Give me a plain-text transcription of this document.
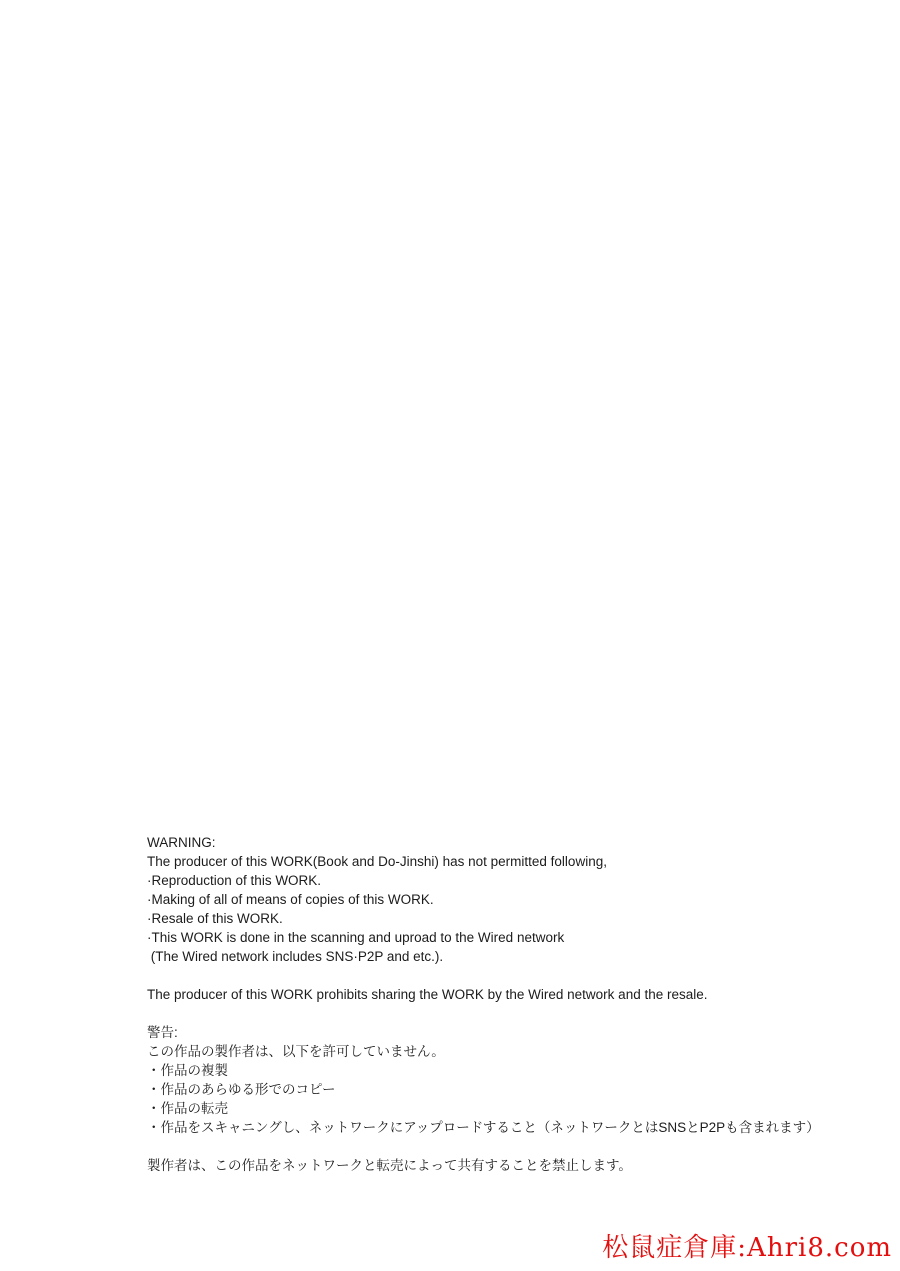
WARNING:
The producer of this WORK(Book and Do-Jinshi) has not permitted following,
·Reproduction of this WORK.
·Making of all of means of copies of this WORK.
·Resale of this WORK.
·This WORK is done in the scanning and uproad to the Wired network
(The Wired network includes SNS·P2P and etc.).
The producer of this WORK prohibits sharing the WORK by the Wired network and the resale.
警告:
この作品の製作者は、以下を許可していません。
・作品の複製
・作品のあらゆる形でのコピー
・作品の転売
・作品をスキャニングし、ネットワークにアップロードすること（ネットワークとはSNSとP2Pも含まれます）
製作者は、この作品をネットワークと転売によって共有することを禁止します。
松鼠症倉庫:Ahri8.com
